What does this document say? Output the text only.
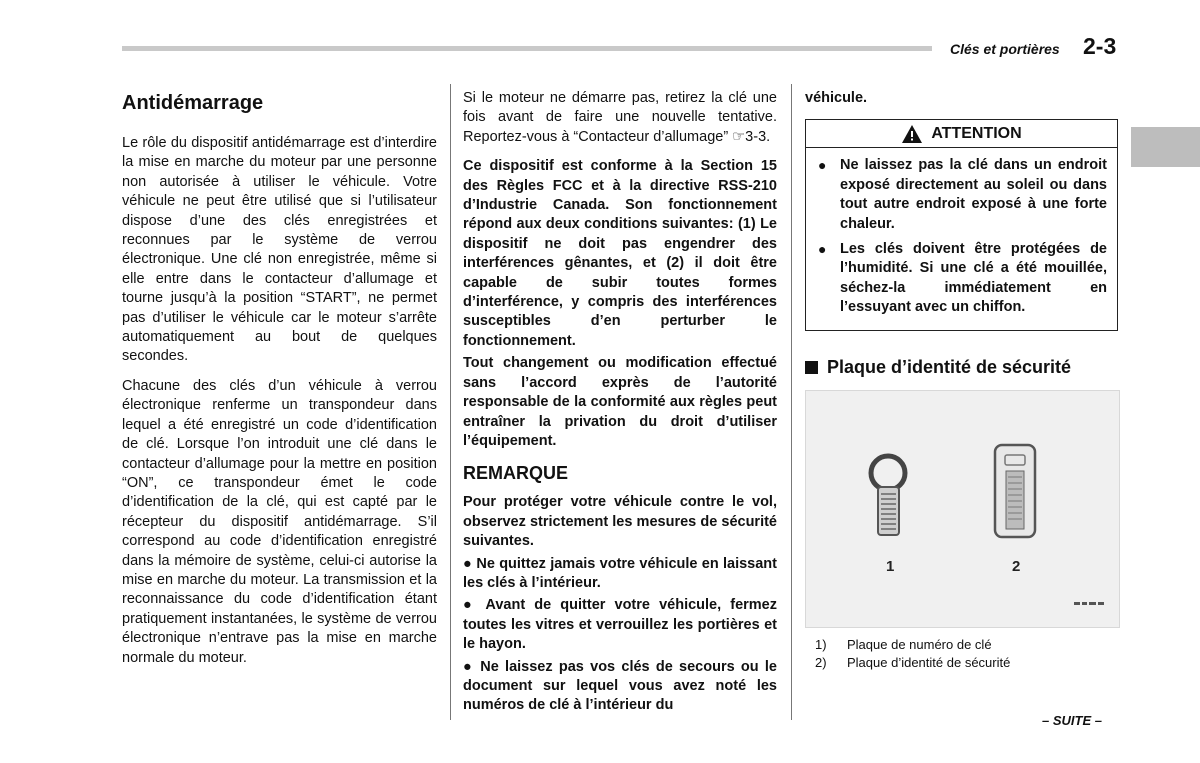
Clés et portières 2-3
Antidémarrage

Le rôle du dispositif antidémarrage est d’interdire la mise en marche du moteur par une personne non autorisée à utiliser le véhicule. Votre véhicule ne peut être utilisé que si l’utilisateur dispose d’une des clés enregistrées et reconnues par le système de verrou électronique. Une clé non enregistrée, même si elle entre dans le contacteur d’allumage et tourne jusqu’à la position “START”, ne permet pas d’utiliser le véhicule car le moteur s’arrête automatiquement au bout de quelques secondes.

Chacune des clés d’un véhicule à verrou électronique renferme un transpondeur dans lequel a été enregistré un code d’identification de clé. Lorsque l’on introduit une clé dans le contacteur d’allumage pour la mettre en position “ON”, ce transpondeur émet le code d’identification de la clé, qui est capté par le récepteur du dispositif antidémarrage. S’il correspond au code d’identification enregistré dans la mémoire de système, celui-ci autorise la mise en marche du moteur. La transmission et la reconnaissance du code d’identification étant pratiquement instantanées, le système de verrou électronique n’entrave pas la mise en marche normale du moteur.

Si le moteur ne démarre pas, retirez la clé une fois avant de faire une nouvelle tentative. Reportez-vous à “Contacteur d’allumage” ☞3-3.

Ce dispositif est conforme à la Section 15 des Règles FCC et à la directive RSS-210 d’Industrie Canada. Son fonctionnement répond aux deux conditions suivantes: (1) Le dispositif ne doit pas engendrer des interférences gênantes, et (2) il doit être capable de subir toutes formes d’interférence, y compris des interférences susceptibles d’en perturber le fonctionnement.

Tout changement ou modification effectué sans l’accord exprès de l’autorité responsable de la conformité aux règles peut entraîner la privation du droit d’utiliser l’équipement.

REMARQUE

Pour protéger votre véhicule contre le vol, observez strictement les mesures de sécurité suivantes.

● Ne quittez jamais votre véhicule en laissant les clés à l’intérieur.

● Avant de quitter votre véhicule, fermez toutes les vitres et verrouillez les portières et le hayon.

● Ne laissez pas vos clés de secours ou le document sur lequel vous avez noté les numéros de clé à l’intérieur du

véhicule.

ATTENTION
● Ne laissez pas la clé dans un endroit exposé directement au soleil ou dans tout autre endroit exposé à une forte chaleur.

● Les clés doivent être protégées de l’humidité. Si une clé a été mouillée, séchez-la immédiatement en l’essuyant avec un chiffon.

Plaque d’identité de sécurité
1	2
1)	Plaque de numéro de clé
2)	Plaque d’identité de sécurité
– SUITE –
